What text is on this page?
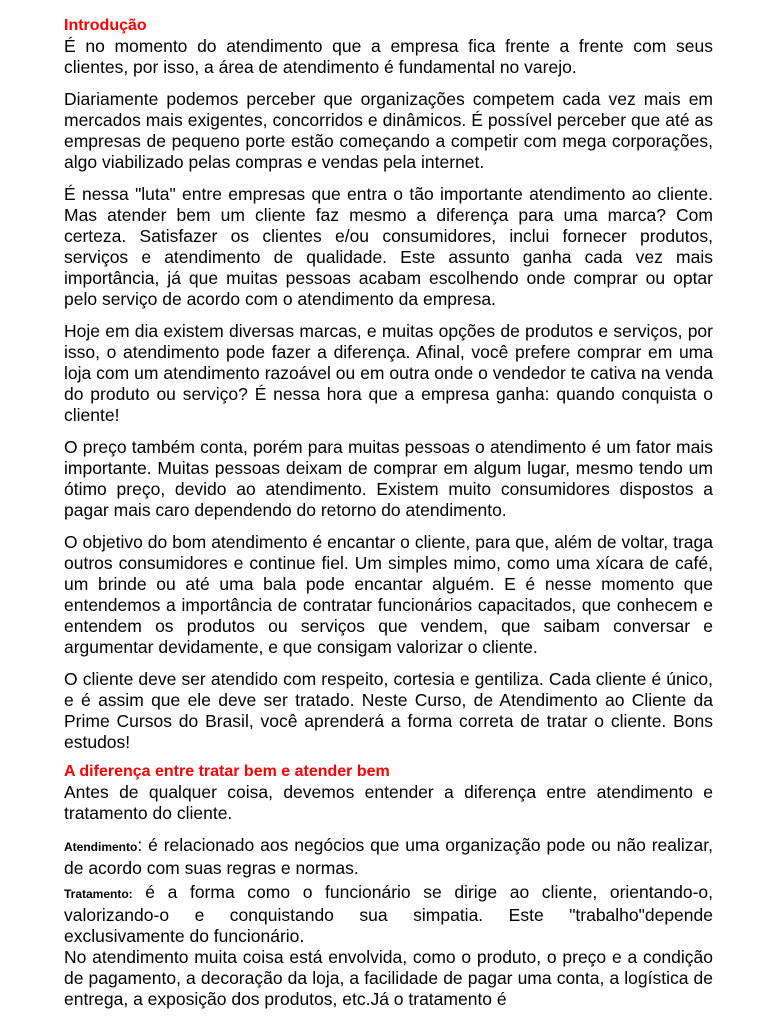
Introdução

É no momento do atendimento que a empresa fica frente a frente com seus clientes, por isso, a área de atendimento é fundamental no varejo.

Diariamente podemos perceber que organizações competem cada vez mais em mercados mais exigentes, concorridos e dinâmicos. É possível perceber que até as empresas de pequeno porte estão começando a competir com mega corporações, algo viabilizado pelas compras e vendas pela internet.

É nessa "luta" entre empresas que entra o tão importante atendimento ao cliente. Mas atender bem um cliente faz mesmo a diferença para uma marca? Com certeza. Satisfazer os clientes e/ou consumidores, inclui fornecer produtos, serviços e atendimento de qualidade. Este assunto ganha cada vez mais importância, já que muitas pessoas acabam escolhendo onde comprar ou optar pelo serviço de acordo com o atendimento da empresa.

Hoje em dia existem diversas marcas, e muitas opções de produtos e serviços, por isso, o atendimento pode fazer a diferença. Afinal, você prefere comprar em uma loja com um atendimento razoável ou em outra onde o vendedor te cativa na venda do produto ou serviço? É nessa hora que a empresa ganha: quando conquista o cliente!

O preço também conta, porém para muitas pessoas o atendimento é um fator mais importante. Muitas pessoas deixam de comprar em algum lugar, mesmo tendo um ótimo preço, devido ao atendimento. Existem muito consumidores dispostos a pagar mais caro dependendo do retorno do atendimento.

O objetivo do bom atendimento é encantar o cliente, para que, além de voltar, traga outros consumidores e continue fiel. Um simples mimo, como uma xícara de café, um brinde ou até uma bala pode encantar alguém. E é nesse momento que entendemos a importância de contratar funcionários capacitados, que conhecem e entendem os produtos ou serviços que vendem, que saibam conversar e argumentar devidamente, e que consigam valorizar o cliente.

O cliente deve ser atendido com respeito, cortesia e gentiliza. Cada cliente é único, e é assim que ele deve ser tratado. Neste Curso, de Atendimento ao Cliente da Prime Cursos do Brasil, você aprenderá a forma correta de tratar o cliente. Bons estudos!

A diferença entre tratar bem e atender bem

Antes de qualquer coisa, devemos entender a diferença entre atendimento e tratamento do cliente.

Atendimento: é relacionado aos negócios que uma organização pode ou não realizar, de acordo com suas regras e normas.

Tratamento: é a forma como o funcionário se dirige ao cliente, orientando-o, valorizando-o e conquistando sua simpatia. Este "trabalho"depende exclusivamente do funcionário.

No atendimento muita coisa está envolvida, como o produto, o preço e a condição de pagamento, a decoração da loja, a facilidade de pagar uma conta, a logística de entrega, a exposição dos produtos, etc.Já o tratamento é
